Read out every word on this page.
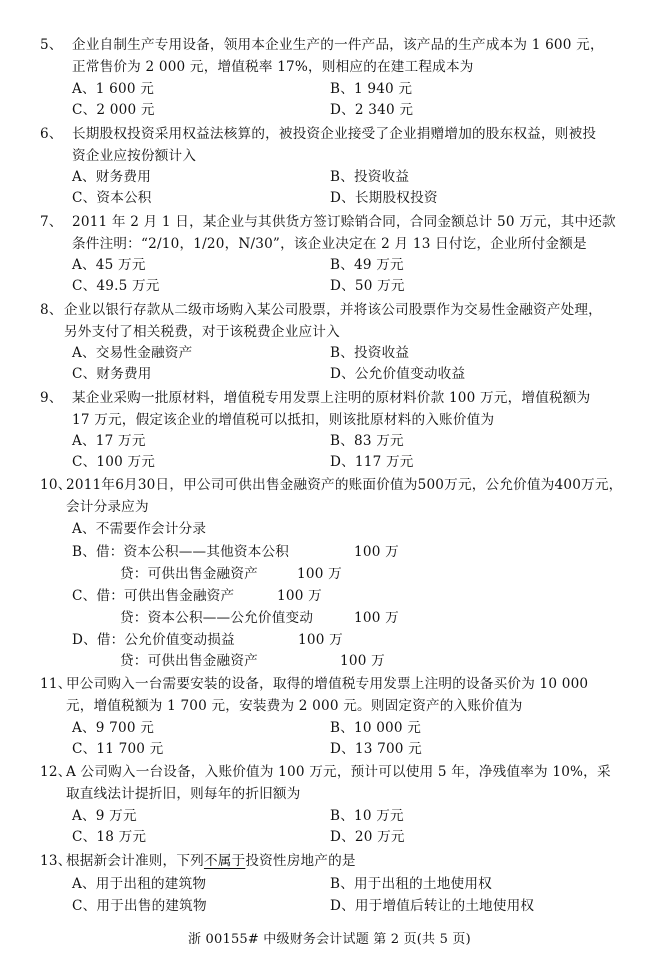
5、 企业自制生产专用设备，领用本企业生产的一件产品，该产品的生产成本为 1 600 元，
正常售价为 2 000 元，增值税率 17%，则相应的在建工程成本为
A、1 600 元	B、1 940 元
C、2 000 元	D、2 340 元
6、 长期股权投资采用权益法核算的，被投资企业接受了企业捐赠增加的股东权益，则被投
资企业应按份额计入
A、财务费用	B、投资收益
C、资本公积	D、长期股权投资
7、 2011 年 2 月 1 日，某企业与其供货方签订赊销合同，合同金额总计 50 万元，其中还款
条件注明：“2/10，1/20，N/30”，该企业决定在 2 月 13 日付讫，企业所付金额是
A、45 万元	B、49 万元
C、49.5 万元	D、50 万元
8、 企业以银行存款从二级市场购入某公司股票，并将该公司股票作为交易性金融资产处理，
另外支付了相关税费，对于该税费企业应计入
A、交易性金融资产	B、投资收益
C、财务费用	D、公允价值变动收益
9、 某企业采购一批原材料，增值税专用发票上注明的原材料价款 100 万元，增值税额为
17 万元，假定该企业的增值税可以抵扣，则该批原材料的入账价值为
A、17 万元	B、83 万元
C、100 万元	D、117 万元
10、
2011年6月30日，甲公司可供出售金融资产的账面价值为500万元，公允价值为400万元，
会计分录应为
A、不需要作会计分录
B、借：资本公积——其他资本公积	100 万
贷：可供出售金融资产	100 万
C、借：可供出售金融资产	100 万
贷：资本公积——公允价值变动	100 万
D、借：公允价值变动损益	100 万
贷：可供出售金融资产	100 万
11、
甲公司购入一台需要安装的设备，取得的增值税专用发票上注明的设备买价为 10 000
元，增值税额为 1 700 元，安装费为 2 000 元。则固定资产的入账价值为
A、9 700 元	B、10 000 元
C、11 700 元	D、13 700 元
12、
A 公司购入一台设备，入账价值为 100 万元，预计可以使用 5 年，净残值率为 10%，采
取直线法计提折旧，则每年的折旧额为
A、9 万元	B、10 万元
C、18 万元	D、20 万元
13、
根据新会计准则，下列不属于投资性房地产的是
A、用于出租的建筑物	B、用于出租的土地使用权
C、用于出售的建筑物	D、用于增值后转让的土地使用权
浙 00155# 中级财务会计试题 第 2 页(共 5 页)
